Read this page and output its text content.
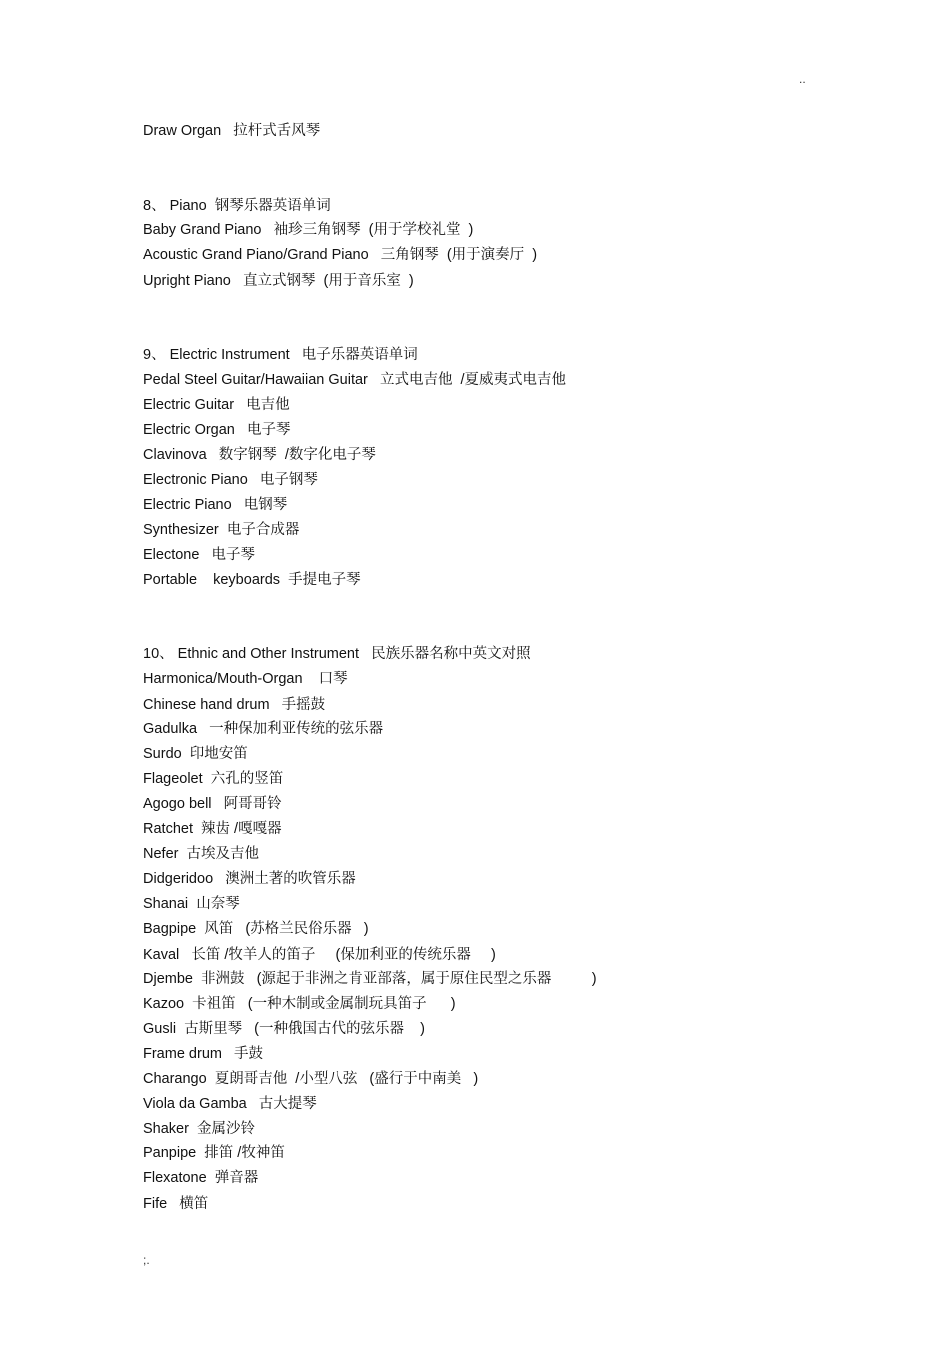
..
Draw Organ   拉杆式舌风琴
8、 Piano  钢琴乐器英语单词
Baby Grand Piano   袖珍三角钢琴  (用于学校礼堂  )
Acoustic Grand Piano/Grand Piano   三角钢琴  (用于演奏厅  )
Upright Piano   直立式钢琴  (用于音乐室  )
9、 Electric Instrument   电子乐器英语单词
Pedal Steel Guitar/Hawaiian Guitar   立式电吉他  /夏威夷式电吉他
Electric Guitar   电吉他
Electric Organ   电子琴
Clavinova   数字钢琴  /数字化电子琴
Electronic Piano   电子钢琴
Electric Piano   电钢琴
Synthesizer  电子合成器
Electone   电子琴
Portable    keyboards  手提电子琴
10、 Ethnic and Other Instrument   民族乐器名称中英文对照
Harmonica/Mouth-Organ    口琴
Chinese hand drum   手摇鼓
Gadulka   一种保加利亚传统的弦乐器
Surdo  印地安笛
Flageolet  六孔的竖笛
Agogo bell   阿哥哥铃
Ratchet  辣齿 /嘎嘎器
Nefer  古埃及吉他
Didgeridoo   澳洲土著的吹管乐器
Shanai  山奈琴
Bagpipe  风笛   (苏格兰民俗乐器   )
Kaval   长笛 /牧羊人的笛子     (保加利亚的传统乐器     )
Djembe  非洲鼓   (源起于非洲之肯亚部落，属于原住民型之乐器          )
Kazoo  卡祖笛   (一种木制或金属制玩具笛子      )
Gusli  古斯里琴   (一种俄国古代的弦乐器    )
Frame drum   手鼓
Charango  夏朗哥吉他  /小型八弦   (盛行于中南美   )
Viola da Gamba   古大提琴
Shaker  金属沙铃
Panpipe  排笛 /牧神笛
Flexatone  弹音器
Fife   横笛
;.
